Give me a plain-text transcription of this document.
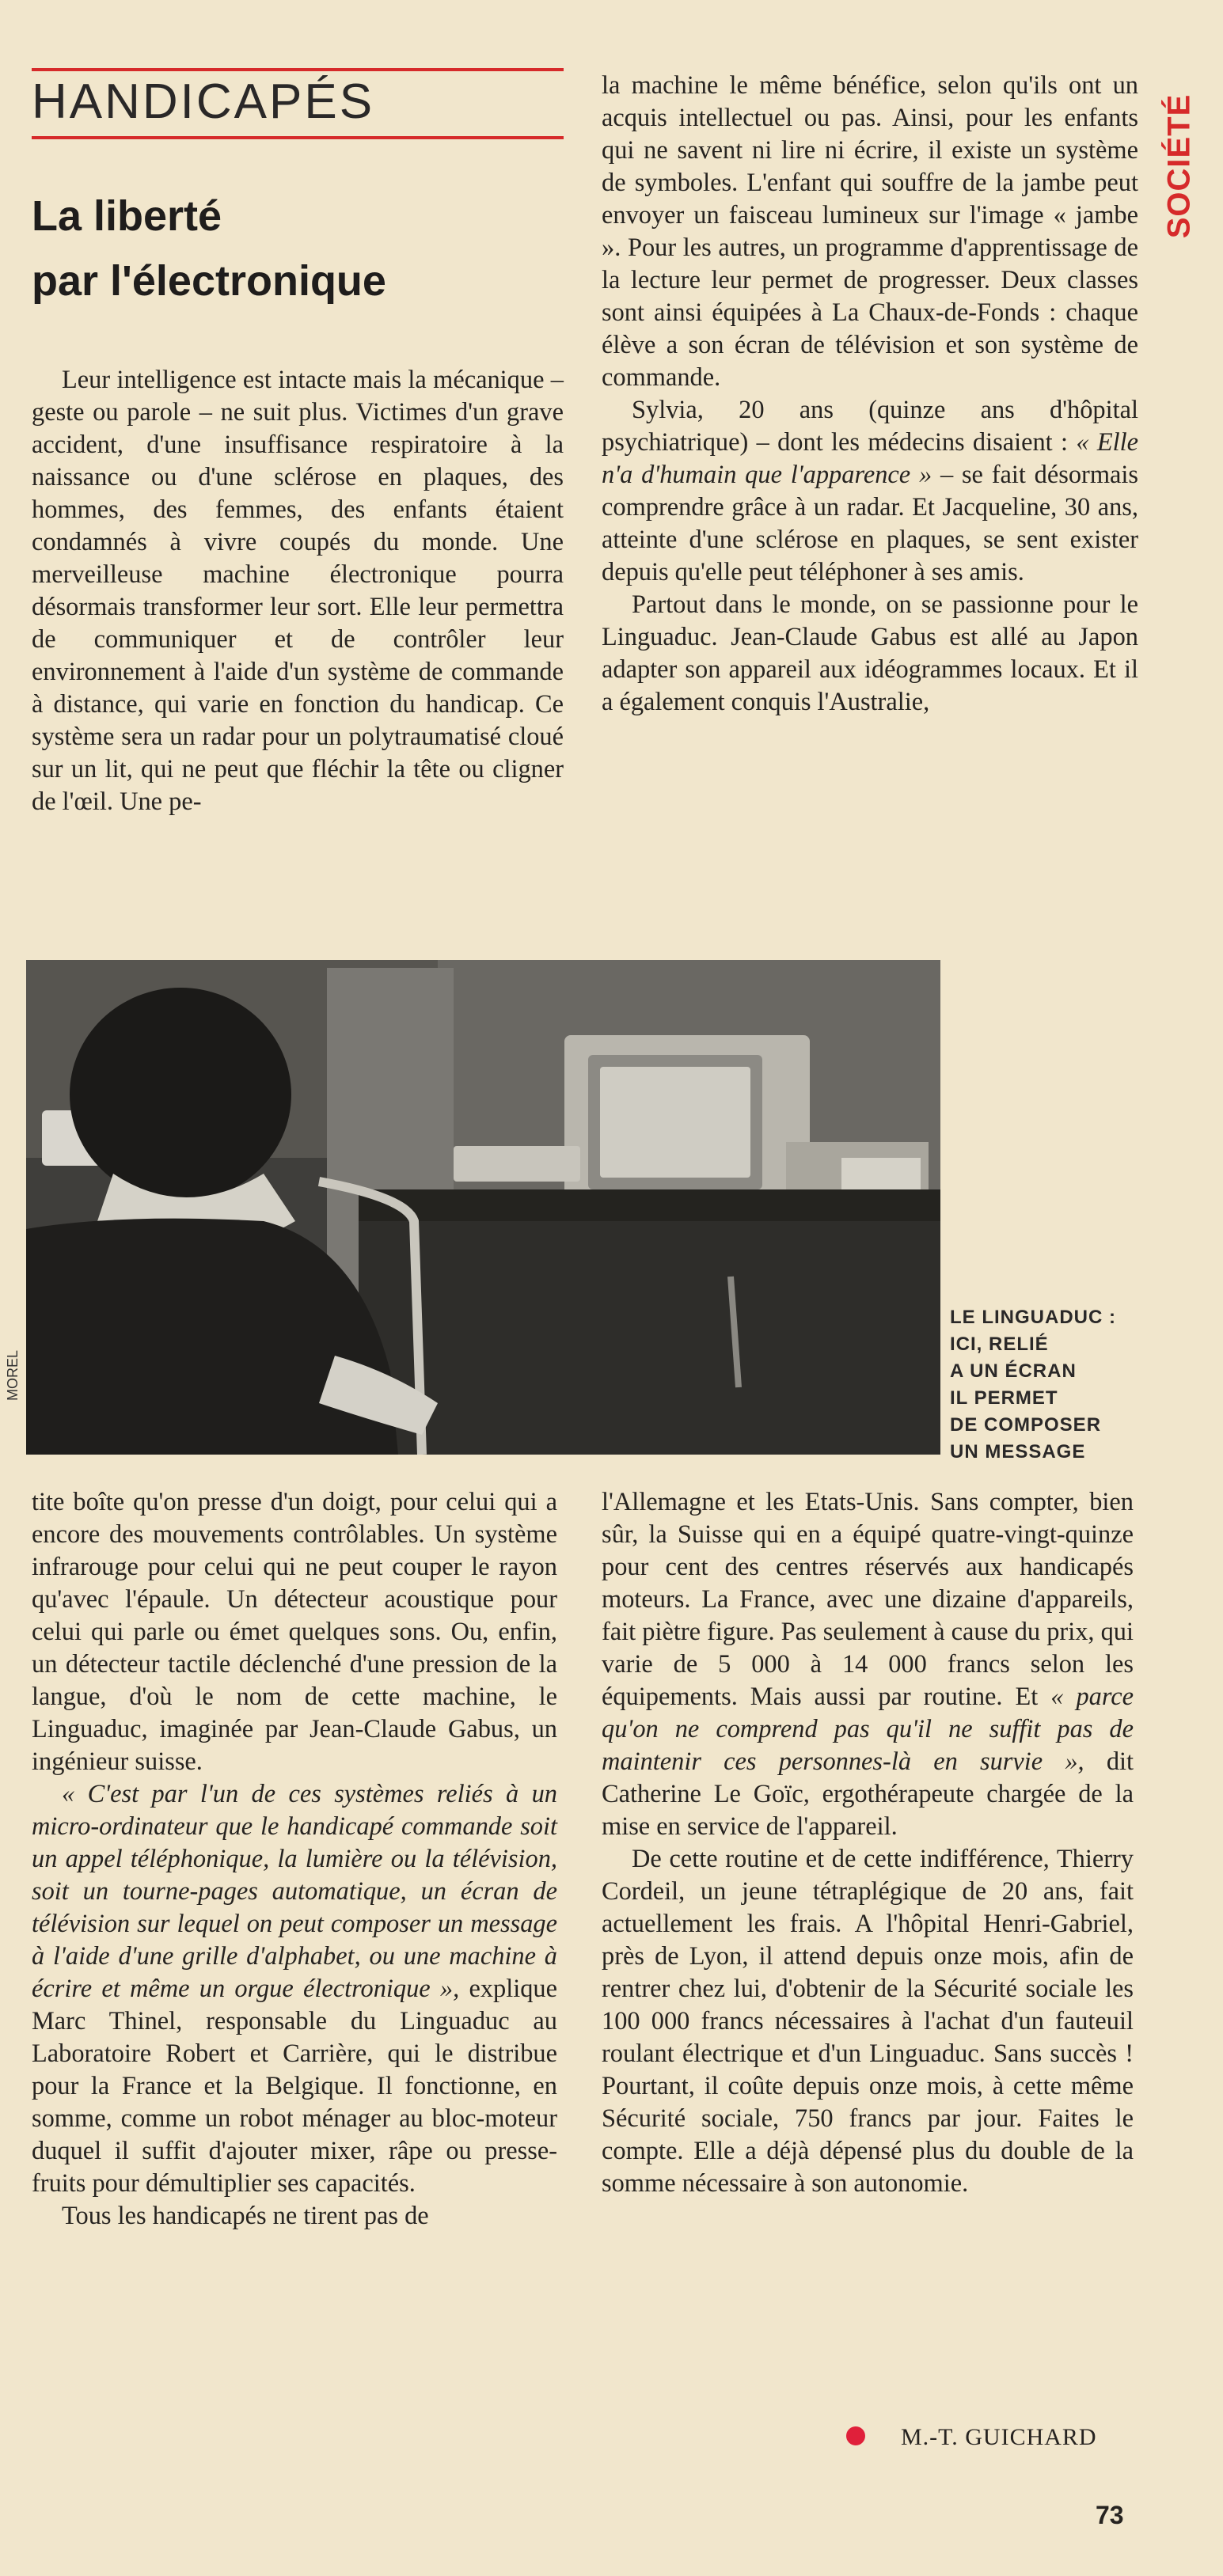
HANDICAPÉS
La liberté
par l'électronique
SOCIÉTÉ

Leur intelligence est intacte mais la mécanique – geste ou parole – ne suit plus. Victimes d'un grave accident, d'une insuffisance respiratoire à la naissance ou d'une sclérose en plaques, des hommes, des femmes, des enfants étaient condamnés à vivre coupés du monde. Une merveilleuse machine électronique pourra désormais transformer leur sort. Elle leur permettra de communiquer et de contrôler leur environnement à l'aide d'un système de commande à distance, qui varie en fonction du handicap. Ce système sera un radar pour un polytraumatisé cloué sur un lit, qui ne peut que fléchir la tête ou cligner de l'œil. Une pe-

la machine le même bénéfice, selon qu'ils ont un acquis intellectuel ou pas. Ainsi, pour les enfants qui ne savent ni lire ni écrire, il existe un système de symboles. L'enfant qui souffre de la jambe peut envoyer un faisceau lumineux sur l'image « jambe ». Pour les autres, un programme d'apprentissage de la lecture leur permet de progresser. Deux classes sont ainsi équipées à La Chaux-de-Fonds : chaque élève a son écran de télévision et son système de commande.

Sylvia, 20 ans (quinze ans d'hôpital psychiatrique) – dont les médecins disaient : « Elle n'a d'humain que l'apparence » – se fait désormais comprendre grâce à un radar. Et Jacqueline, 30 ans, atteinte d'une sclérose en plaques, se sent exister depuis qu'elle peut téléphoner à ses amis.

Partout dans le monde, on se passionne pour le Linguaduc. Jean-Claude Gabus est allé au Japon adapter son appareil aux idéogrammes locaux. Et il a également conquis l'Australie,

MOREL
LE LINGUADUC :
ICI, RELIÉ
A UN ÉCRAN
IL PERMET
DE COMPOSER
UN MESSAGE

tite boîte qu'on presse d'un doigt, pour celui qui a encore des mouvements contrôlables. Un système infrarouge pour celui qui ne peut couper le rayon qu'avec l'épaule. Un détecteur acoustique pour celui qui parle ou émet quelques sons. Ou, enfin, un détecteur tactile déclenché d'une pression de la langue, d'où le nom de cette machine, le Linguaduc, imaginée par Jean-Claude Gabus, un ingénieur suisse.

« C'est par l'un de ces systèmes reliés à un micro-ordinateur que le handicapé commande soit un appel téléphonique, la lumière ou la télévision, soit un tourne-pages automatique, un écran de télévision sur lequel on peut composer un message à l'aide d'une grille d'alphabet, ou une machine à écrire et même un orgue électronique », explique Marc Thinel, responsable du Linguaduc au Laboratoire Robert et Carrière, qui le distribue pour la France et la Belgique. Il fonctionne, en somme, comme un robot ménager au bloc-moteur duquel il suffit d'ajouter mixer, râpe ou presse-fruits pour démultiplier ses capacités.

Tous les handicapés ne tirent pas de

l'Allemagne et les Etats-Unis. Sans compter, bien sûr, la Suisse qui en a équipé quatre-vingt-quinze pour cent des centres réservés aux handicapés moteurs. La France, avec une dizaine d'appareils, fait piètre figure. Pas seulement à cause du prix, qui varie de 5 000 à 14 000 francs selon les équipements. Mais aussi par routine. Et « parce qu'on ne comprend pas qu'il ne suffit pas de maintenir ces personnes-là en survie », dit Catherine Le Goïc, ergothérapeute chargée de la mise en service de l'appareil.

De cette routine et de cette indifférence, Thierry Cordeil, un jeune tétraplégique de 20 ans, fait actuellement les frais. A l'hôpital Henri-Gabriel, près de Lyon, il attend depuis onze mois, afin de rentrer chez lui, d'obtenir de la Sécurité sociale les 100 000 francs nécessaires à l'achat d'un fauteuil roulant électrique et d'un Linguaduc. Sans succès ! Pourtant, il coûte depuis onze mois, à cette même Sécurité sociale, 750 francs par jour. Faites le compte. Elle a déjà dépensé plus du double de la somme nécessaire à son autonomie.

M.-T. GUICHARD
73
